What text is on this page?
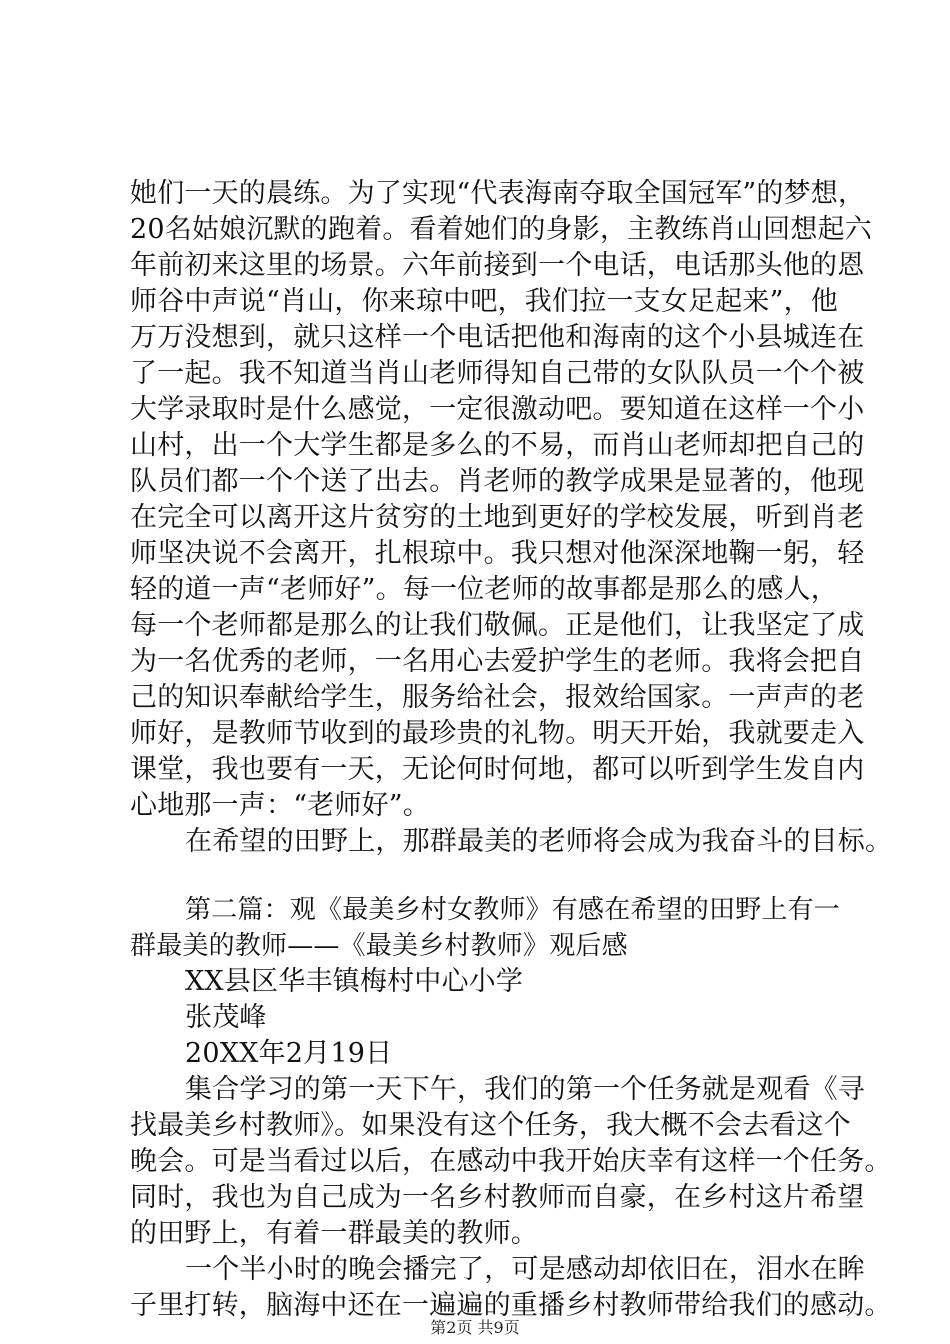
她们一天的晨练。为了实现“代表海南夺取全国冠军”的梦想，
20名姑娘沉默的跑着。看着她们的身影，主教练肖山回想起六
年前初来这里的场景。六年前接到一个电话，电话那头他的恩
师谷中声说“肖山，你来琼中吧，我们拉一支女足起来”，他
万万没想到，就只这样一个电话把他和海南的这个小县城连在
了一起。我不知道当肖山老师得知自己带的女队队员一个个被
大学录取时是什么感觉，一定很激动吧。要知道在这样一个小
山村，出一个大学生都是多么的不易，而肖山老师却把自己的
队员们都一个个送了出去。肖老师的教学成果是显著的，他现
在完全可以离开这片贫穷的土地到更好的学校发展，听到肖老
师坚决说不会离开，扎根琼中。我只想对他深深地鞠一躬，轻
轻的道一声“老师好”。每一位老师的故事都是那么的感人，
每一个老师都是那么的让我们敬佩。正是他们，让我坚定了成
为一名优秀的老师，一名用心去爱护学生的老师。我将会把自
己的知识奉献给学生，服务给社会，报效给国家。一声声的老
师好，是教师节收到的最珍贵的礼物。明天开始，我就要走入
课堂，我也要有一天，无论何时何地，都可以听到学生发自内
心地那一声：“老师好”。
在希望的田野上，那群最美的老师将会成为我奋斗的目标。
第二篇：观《最美乡村女教师》有感在希望的田野上有一
群最美的教师——《最美乡村教师》观后感
XX县区华丰镇梅村中心小学
张茂峰
20XX年2月19日
集合学习的第一天下午，我们的第一个任务就是观看《寻
找最美乡村教师》。如果没有这个任务，我大概不会去看这个
晚会。可是当看过以后，在感动中我开始庆幸有这样一个任务。
同时，我也为自己成为一名乡村教师而自豪，在乡村这片希望
的田野上，有着一群最美的教师。
一个半小时的晚会播完了，可是感动却依旧在，泪水在眸
子里打转，脑海中还在一遍遍的重播乡村教师带给我们的感动。
第2页 共9页
